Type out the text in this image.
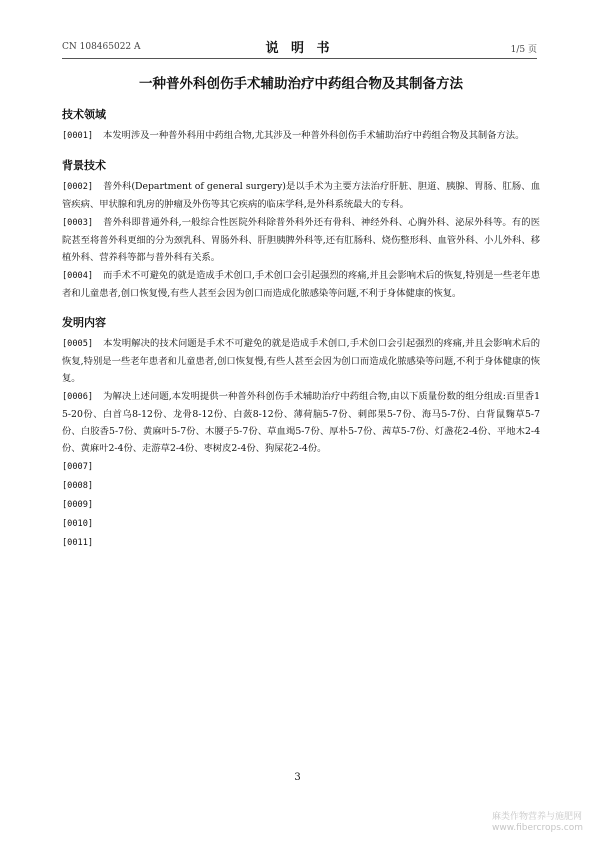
CN 108465022 A	说 明 书	1/5 页
一种普外科创伤手术辅助治疗中药组合物及其制备方法
技术领域

[0001] 本发明涉及一种普外科用中药组合物,尤其涉及一种普外科创伤手术辅助治疗中药组合物及其制备方法。

背景技术

[0002] 普外科(Department of general surgery)是以手术为主要方法治疗肝脏、胆道、胰腺、胃肠、肛肠、血管疾病、甲状腺和乳房的肿瘤及外伤等其它疾病的临床学科,是外科系统最大的专科。

[0003] 普外科即普通外科,一般综合性医院外科除普外科外还有骨科、神经外科、心胸外科、泌尿外科等。有的医院甚至将普外科更细的分为颈乳科、胃肠外科、肝胆胰脾外科等,还有肛肠科、烧伤整形科、血管外科、小儿外科、移植外科、营养科等都与普外科有关系。

[0004] 而手术不可避免的就是造成手术创口,手术创口会引起强烈的疼痛,并且会影响术后的恢复,特别是一些老年患者和儿童患者,创口恢复慢,有些人甚至会因为创口而造成化脓感染等问题,不利于身体健康的恢复。

发明内容

[0005] 本发明解决的技术问题是手术不可避免的就是造成手术创口,手术创口会引起强烈的疼痛,并且会影响术后的恢复,特别是一些老年患者和儿童患者,创口恢复慢,有些人甚至会因为创口而造成化脓感染等问题,不利于身体健康的恢复。

[0006] 为解决上述问题,本发明提供一种普外科创伤手术辅助治疗中药组合物,由以下质量份数的组分组成:百里香15-20份、白首乌8-12份、龙骨8-12份、白蔹8-12份、薄荷脑5-7份、刺郎果5-7份、海马5-7份、白背鼠麴草5-7份、白胶香5-7份、黄麻叶5-7份、木腰子5-7份、草血竭5-7份、厚朴5-7份、茜草5-7份、灯盏花2-4份、平地木2-4份、黄麻叶2-4份、走游草2-4份、枣树皮2-4份、狗屎花2-4份。

[0007]

[0008]

[0009]

[0010]

[0011]

3
麻类作物营养与施肥网
www.fibercrops.com
